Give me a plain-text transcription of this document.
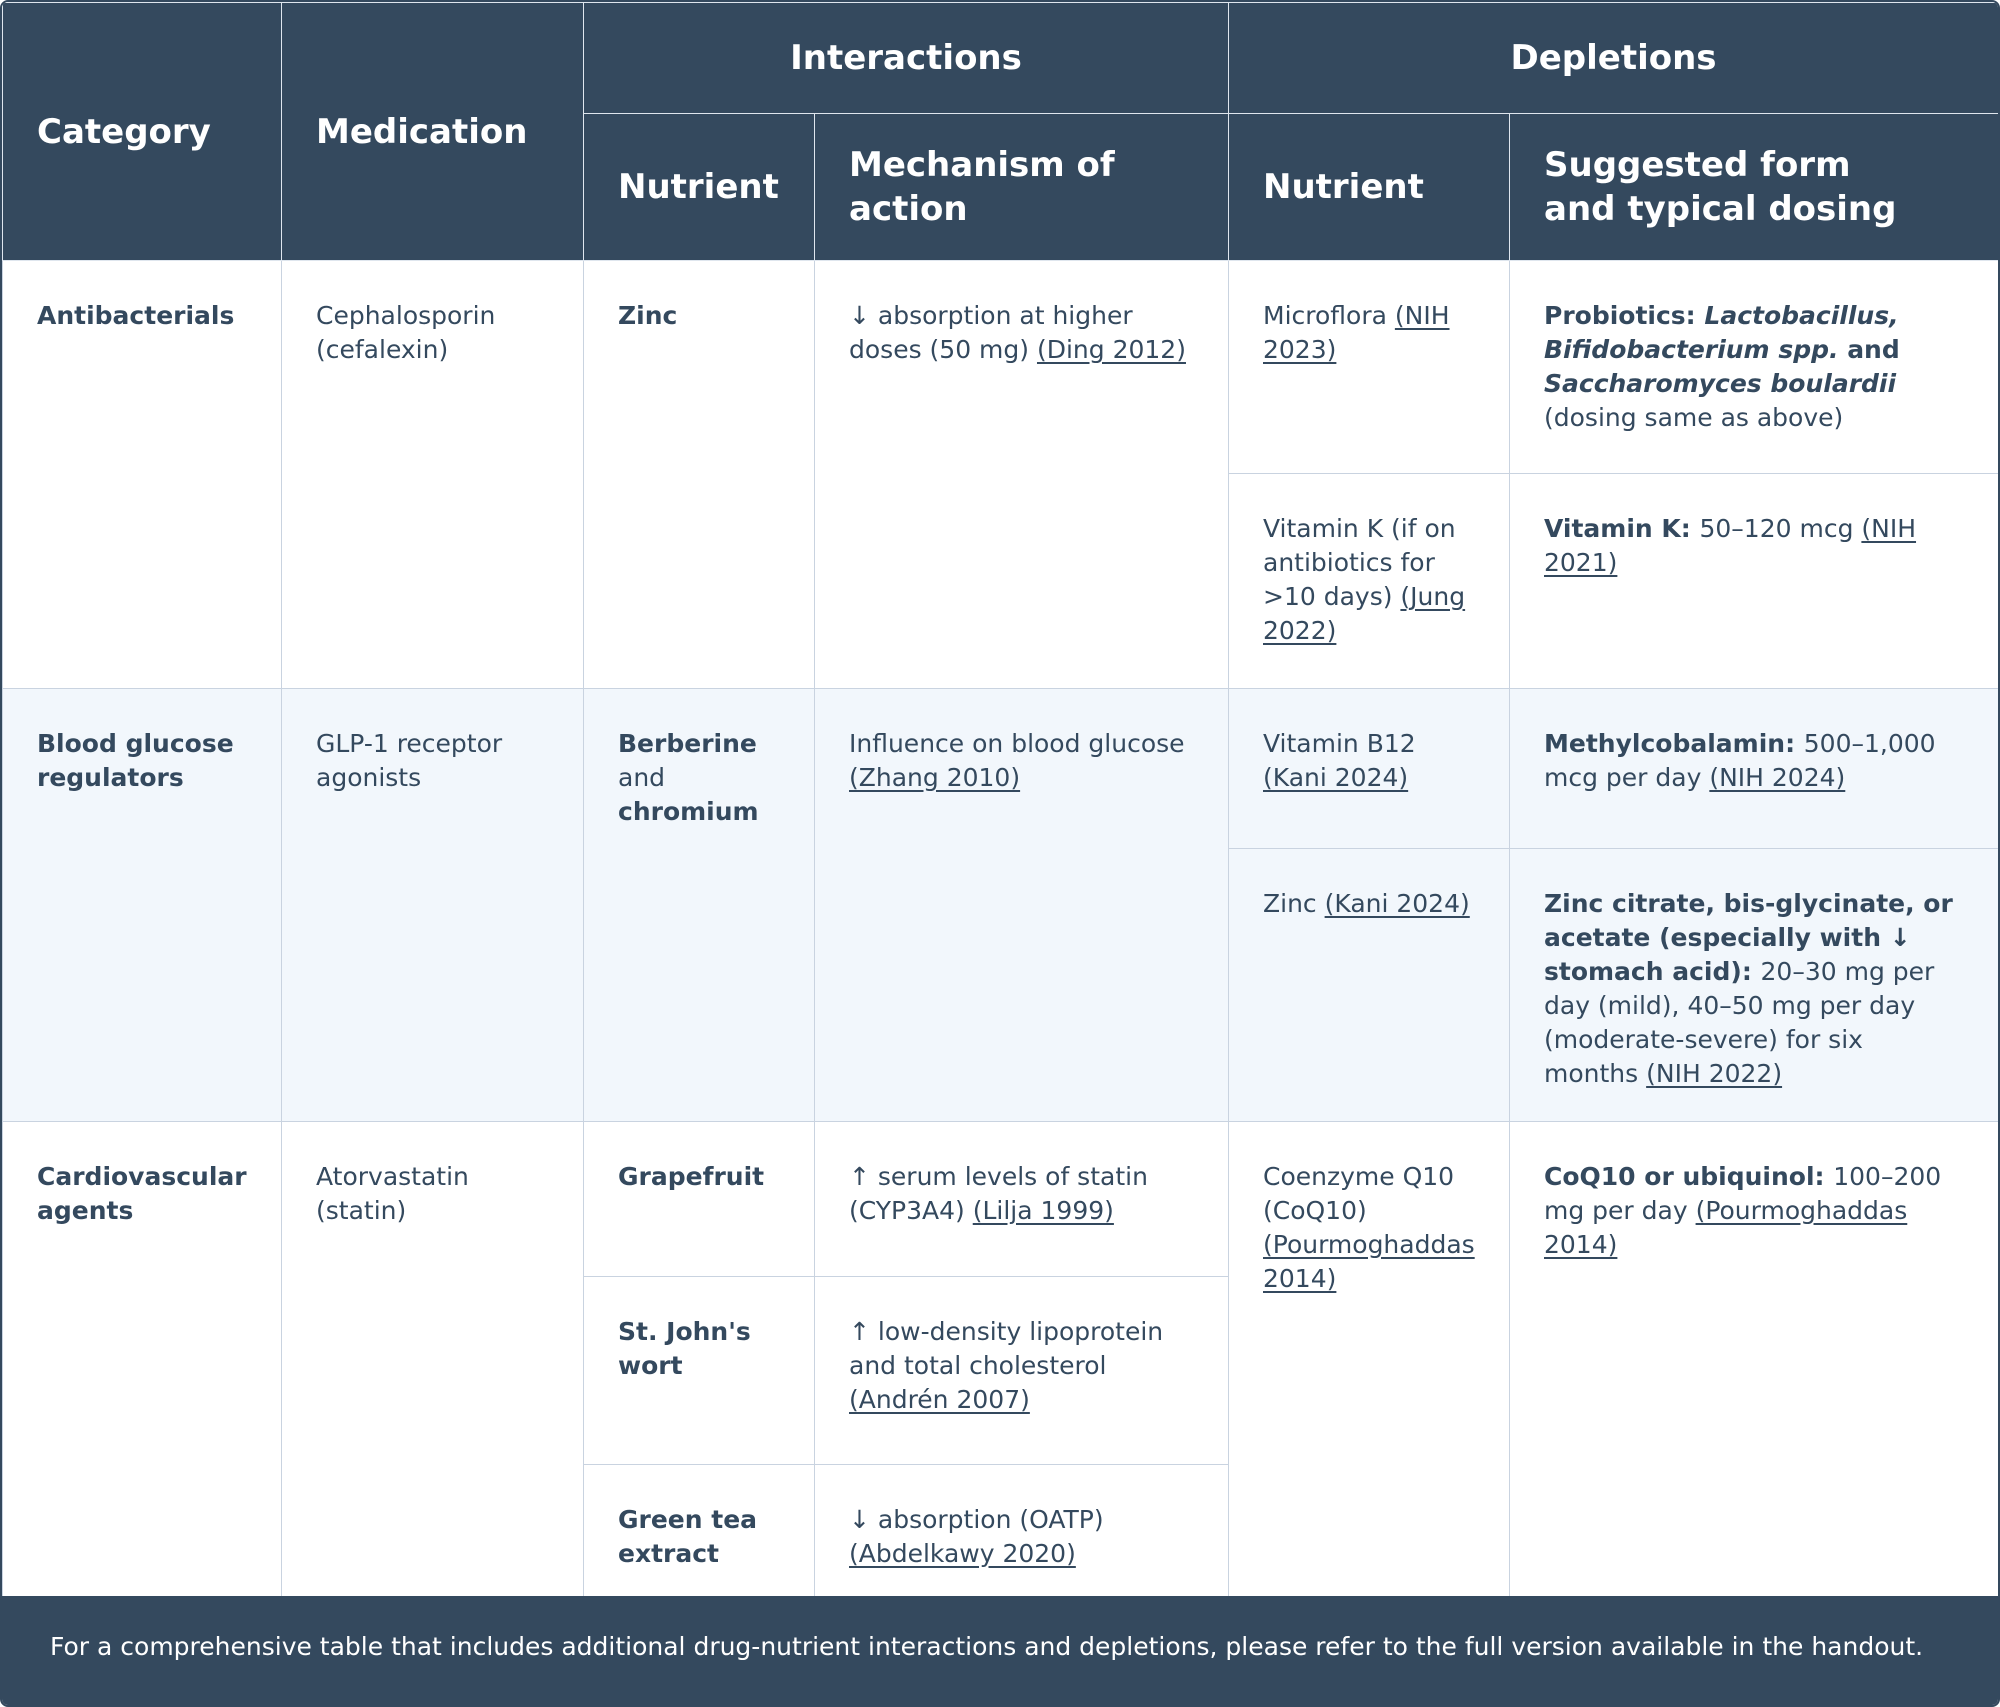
Category	Medication	Interactions		Depletions	
		Nutrient	Mechanism of action	Nutrient	Suggested form
and typical dosing
Antibacterials	Cephalosporin (cefalexin)	Zinc	↓ absorption at higher doses (50 mg) (Ding 2012)	Microflora (NIH 2023)	Probiotics: Lactobacillus, Bifidobacterium spp. and Saccharomyces boulardii (dosing same as above)
				Vitamin K (if on antibiotics for >10 days) (Jung 2022)	Vitamin K: 50–120 mcg (NIH 2021)
Blood glucose regulators	GLP-1 receptor agonists	Berberine and chromium	Influence on blood glucose (Zhang 2010)	Vitamin B12 (Kani 2024)	Methylcobalamin: 500–1,000 mcg per day (NIH 2024)
				Zinc (Kani 2024)	Zinc citrate, bis-glycinate, or acetate (especially with ↓ stomach acid): 20–30 mg per day (mild), 40–50 mg per day (moderate-severe) for six months (NIH 2022)
Cardiovascular agents	Atorvastatin (statin)	Grapefruit	↑ serum levels of statin (CYP3A4) (Lilja 1999)	Coenzyme Q10 (CoQ10) (Pourmoghaddas 2014)	CoQ10 or ubiquinol: 100–200 mg per day (Pourmoghaddas 2014)
		St. John's wort	↑ low-density lipoprotein and total cholesterol (Andrén 2007)		
		Green tea extract	↓ absorption (OATP) (Abdelkawy 2020)		
For a comprehensive table that includes additional drug-nutrient interactions and depletions, please refer to the full version available in the handout.
